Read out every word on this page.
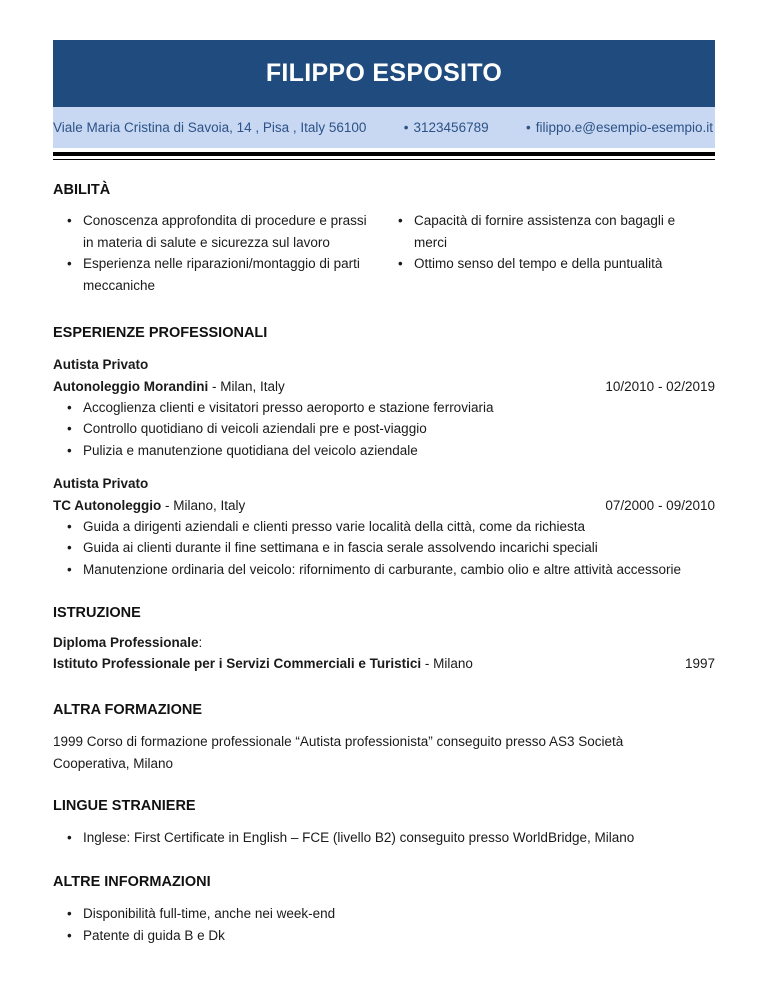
FILIPPO ESPOSITO
Viale Maria Cristina di Savoia, 14 , Pisa , Italy 56100	• 3123456789	• filippo.e@esempio-esempio.it
ABILITÀ
• Conoscenza approfondita di procedure e prassi in materia di salute e sicurezza sul lavoro
• Esperienza nelle riparazioni/montaggio di parti meccaniche
• Capacità di fornire assistenza con bagagli e merci
• Ottimo senso del tempo e della puntualità
ESPERIENZE PROFESSIONALI
Autista Privato
Autonoleggio Morandini - Milan, Italy	10/2010 - 02/2019
• Accoglienza clienti e visitatori presso aeroporto e stazione ferroviaria
• Controllo quotidiano di veicoli aziendali pre e post-viaggio
• Pulizia e manutenzione quotidiana del veicolo aziendale
Autista Privato
TC Autonoleggio - Milano, Italy	07/2000 - 09/2010
• Guida a dirigenti aziendali e clienti presso varie località della città, come da richiesta
• Guida ai clienti durante il fine settimana e in fascia serale assolvendo incarichi speciali
• Manutenzione ordinaria del veicolo: rifornimento di carburante, cambio olio e altre attività accessorie
ISTRUZIONE
Diploma Professionale:
Istituto Professionale per i Servizi Commerciali e Turistici - Milano	1997
ALTRA FORMAZIONE
1999 Corso di formazione professionale “Autista professionista” conseguito presso AS3 Società Cooperativa, Milano
LINGUE STRANIERE
• Inglese: First Certificate in English – FCE (livello B2) conseguito presso WorldBridge, Milano
ALTRE INFORMAZIONI
• Disponibilità full-time, anche nei week-end
• Patente di guida B e Dk
